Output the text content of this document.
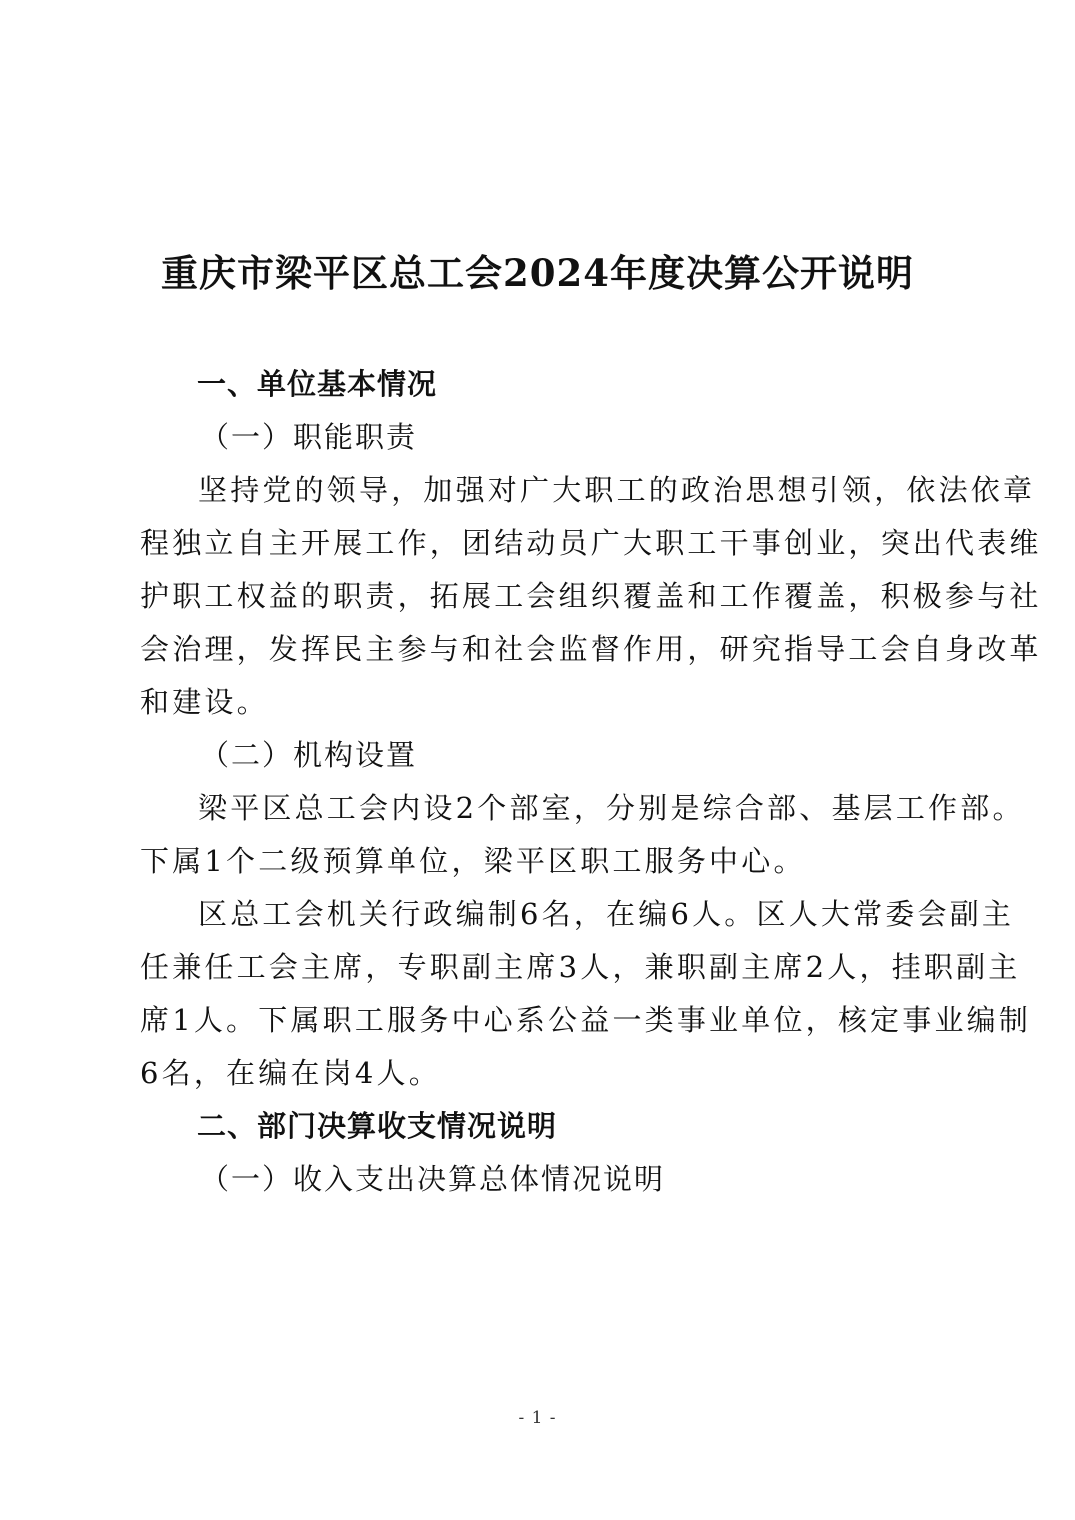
重庆市梁平区总工会2024年度决算公开说明
一、单位基本情况
（一）职能职责
坚持党的领导，加强对广大职工的政治思想引领，依法依章
程独立自主开展工作，团结动员广大职工干事创业，突出代表维
护职工权益的职责，拓展工会组织覆盖和工作覆盖，积极参与社
会治理，发挥民主参与和社会监督作用，研究指导工会自身改革
和建设。
（二）机构设置
梁平区总工会内设2个部室，分别是综合部、基层工作部。
下属1个二级预算单位，梁平区职工服务中心。
区总工会机关行政编制6名，在编6人。区人大常委会副主
任兼任工会主席，专职副主席3人，兼职副主席2人，挂职副主
席1人。下属职工服务中心系公益一类事业单位，核定事业编制
6名，在编在岗4人。
二、部门决算收支情况说明
（一）收入支出决算总体情况说明
- 1 -
